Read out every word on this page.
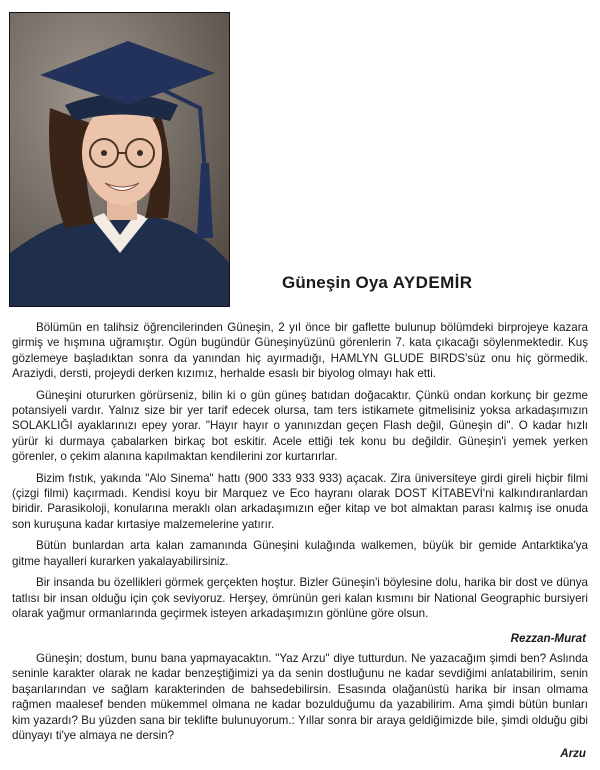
Güneşin Oya AYDEMİR

Bölümün en talihsiz öğrencilerinden Güneşin, 2 yıl önce bir gaflette bulunup bölümdeki birprojeye kazara girmiş ve hışmına uğramıştır. Ogün bugündür Güneşinyüzünü görenlerin 7. kata çıkacağı söylenmektedir. Kuş gözlemeye başladıktan sonra da yanından hiç ayırmadığı, HAMLYN GLUDE BIRDS'süz onu hiç görmedik. Araziydi, dersti, projeydi derken kızımız, herhalde esaslı bir biyolog olmayı hak etti.

Güneşini otururken görürseniz, bilin ki o gün güneş batıdan doğacaktır. Çünkü ondan korkunç bir gezme potansiyeli vardır. Yalnız size bir yer tarif edecek olursa, tam ters istikamete gitmelisiniz yoksa arkadaşımızın SOLAKLIĞI ayaklarınızı epey yorar. "Hayır hayır o yanınızdan geçen Flash değil, Güneşin di". O kadar hızlı yürür ki durmaya çabalarken birkaç bot eskitir. Acele ettiği tek konu bu değildir. Güneşin'i yemek yerken görenler, o çekim alanına kapılmaktan kendilerini zor kurtarırlar.

Bizim fıstık, yakında "Alo Sinema" hattı (900 333 933 933) açacak. Zira üniversiteye girdi gireli hiçbir filmi (çizgi filmi) kaçırmadı. Kendisi koyu bir Marquez ve Eco hayranı olarak DOST KİTABEVİ'ni kalkındıranlardan biridir. Parasikoloji, konularına meraklı olan arkadaşımızın eğer kitap ve bot almaktan parası kalmış ise onuda son kuruşuna kadar kırtasiye malzemelerine yatırır.

Bütün bunlardan arta kalan zamanında Güneşini kulağında walkemen, büyük bir gemide Antarktika'ya gitme hayalleri kurarken yakalayabilirsiniz.

Bir insanda bu özellikleri görmek gerçekten hoştur. Bizler Güneşin'i böylesine dolu, harika bir dost ve dünya tatlısı bir insan olduğu için çok seviyoruz. Herşey, ömrünün geri kalan kısmını bir National Geographic bursiyeri olarak yağmur ormanlarında geçirmek isteyen arkadaşımızın gönlüne göre olsun.

Rezzan-Murat

Güneşin; dostum, bunu bana yapmayacaktın. "Yaz Arzu" diye tutturdun. Ne yazacağım şimdi ben? Aslında seninle karakter olarak ne kadar benzeştiğimizi ya da senin dostluğunu ne kadar sevdiğimi anlatabilirim, senin başarılarından ve sağlam karakterinden de bahsedebilirsin. Esasında olağanüstü harika bir insan olmama rağmen maalesef benden mükemmel olmana ne kadar bozulduğumu da yazabilirim. Ama şimdi bütün bunları kim yazardı? Bu yüzden sana bir teklifte bulunuyorum.: Yıllar sonra bir araya geldiğimizde bile, şimdi olduğu gibi dünyayı ti'ye almaya ne dersin?

Arzu
